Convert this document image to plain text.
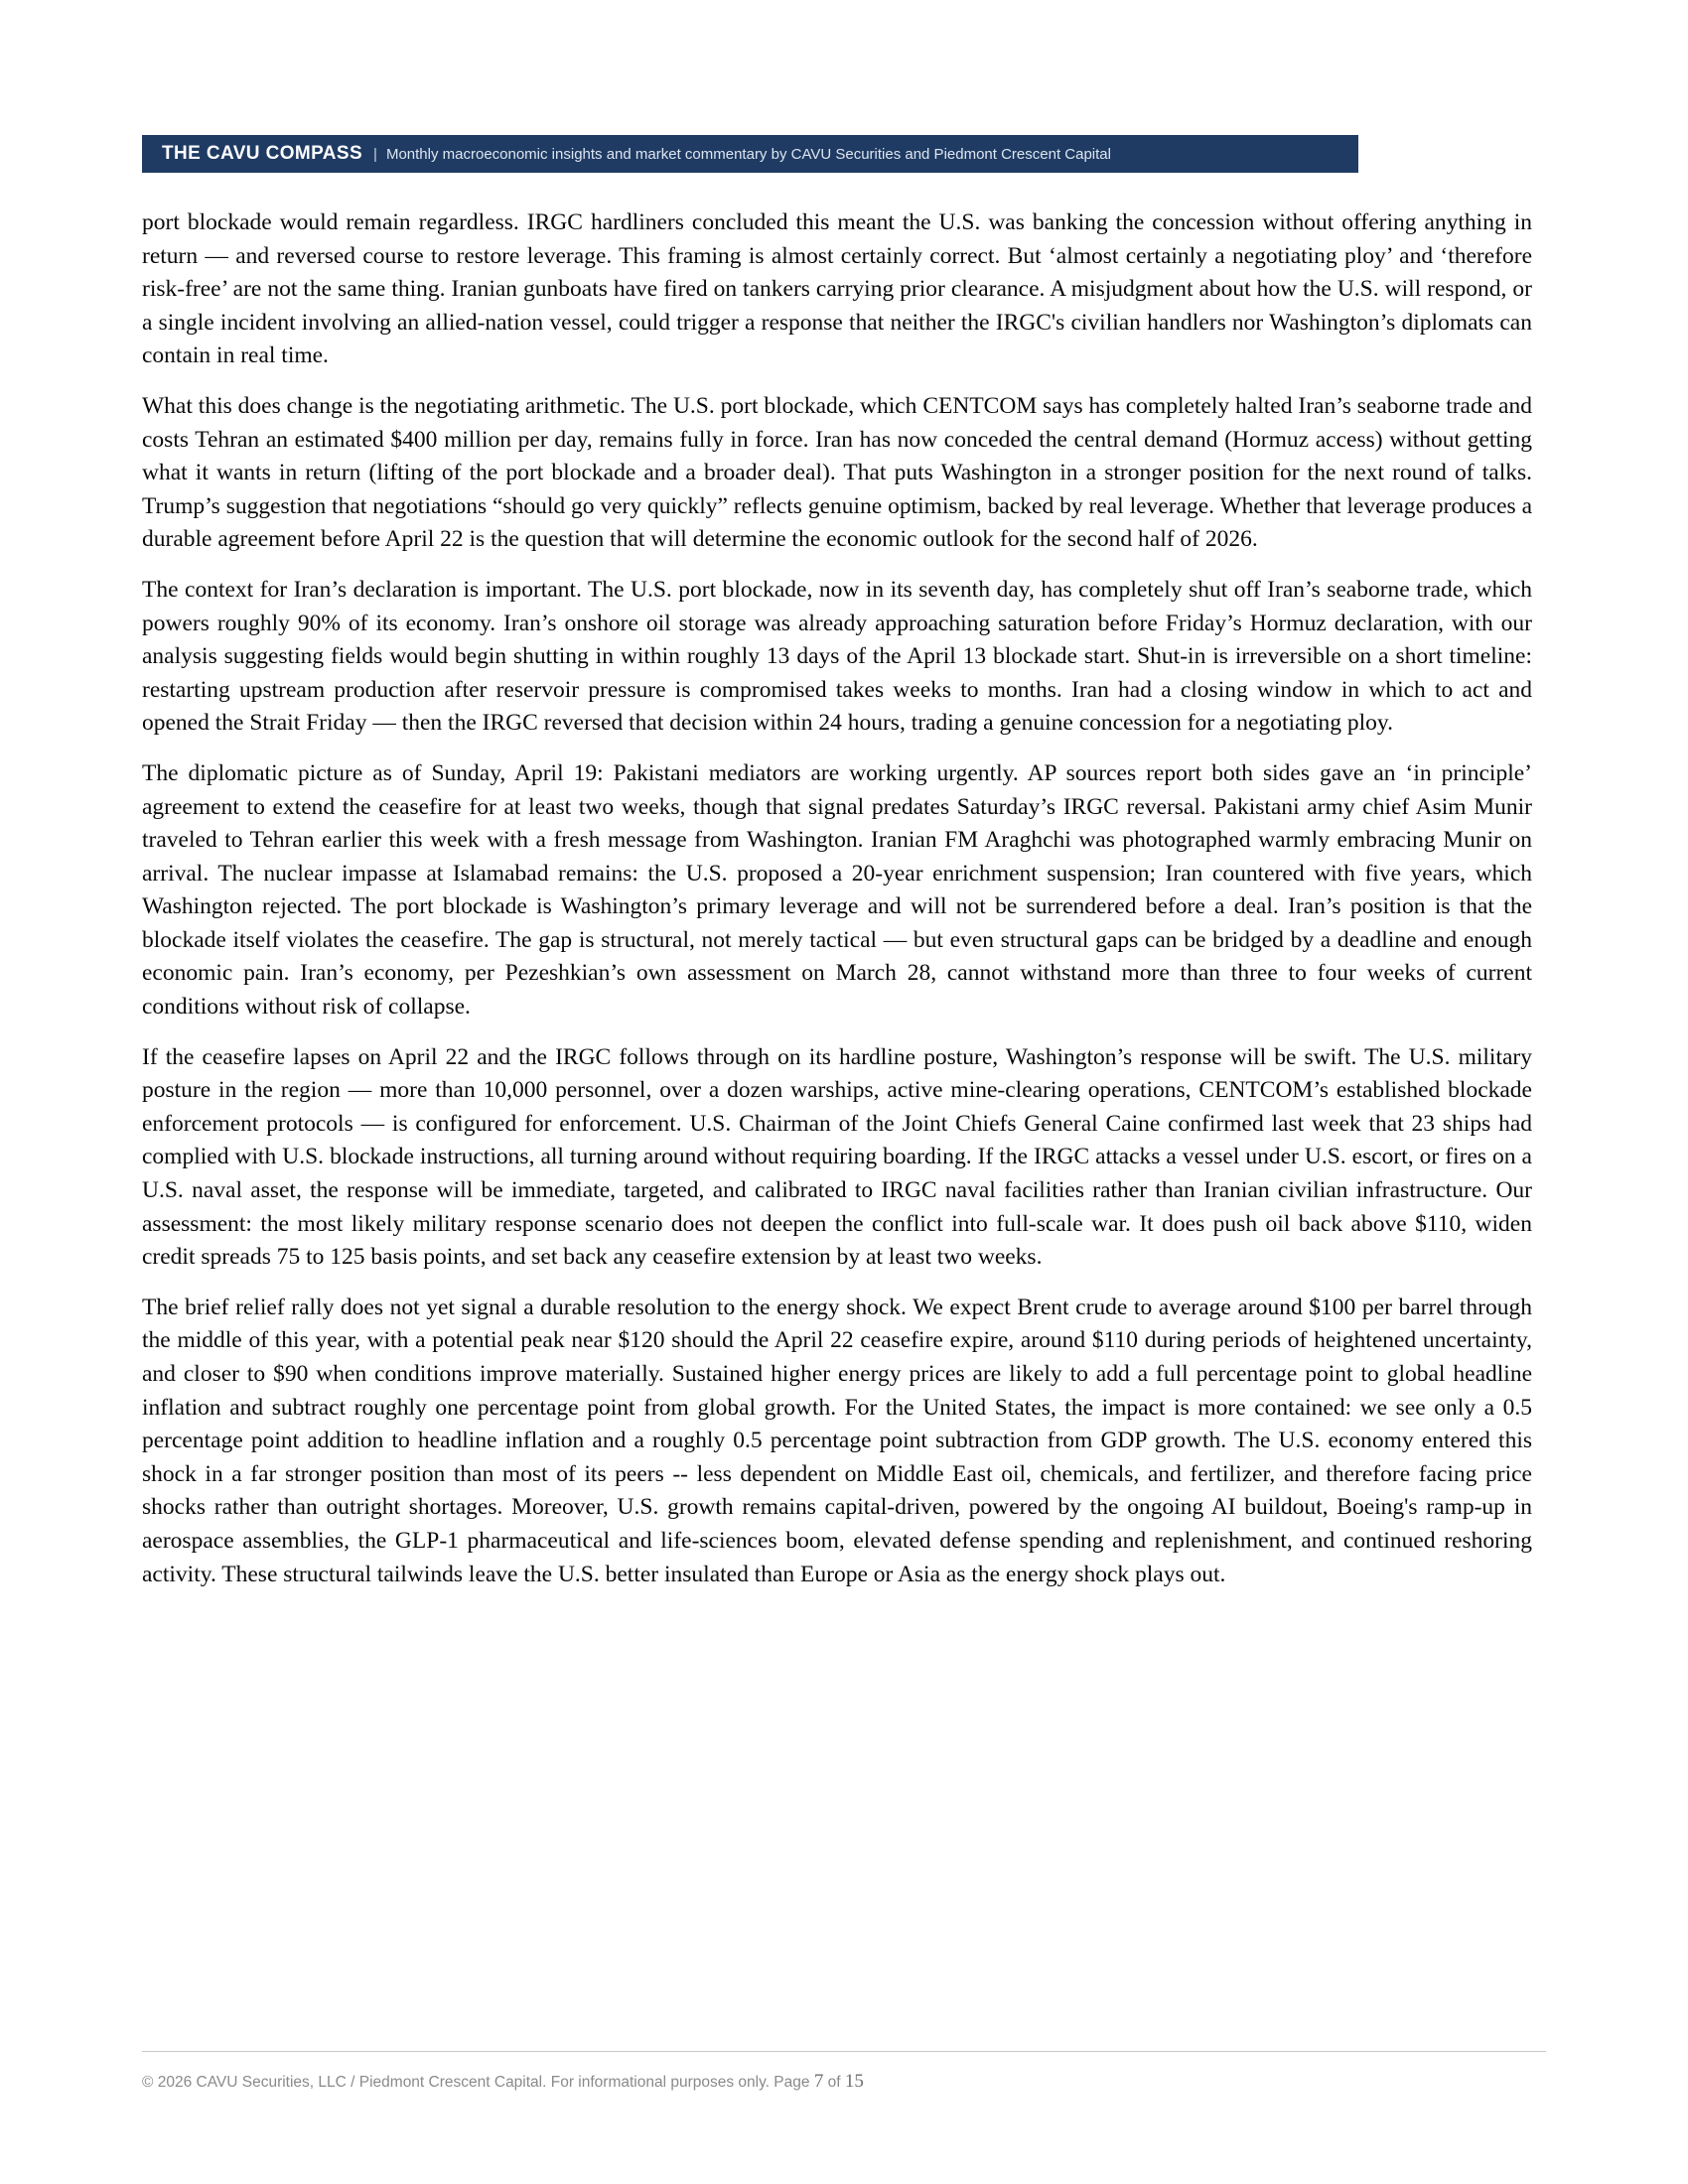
THE CAVU COMPASS | Monthly macroeconomic insights and market commentary by CAVU Securities and Piedmont Crescent Capital

port blockade would remain regardless. IRGC hardliners concluded this meant the U.S. was banking the concession without offering anything in return — and reversed course to restore leverage. This framing is almost certainly correct. But ‘almost certainly a negotiating ploy’ and ‘therefore risk-free’ are not the same thing. Iranian gunboats have fired on tankers carrying prior clearance. A misjudgment about how the U.S. will respond, or a single incident involving an allied-nation vessel, could trigger a response that neither the IRGC's civilian handlers nor Washington’s diplomats can contain in real time.

What this does change is the negotiating arithmetic. The U.S. port blockade, which CENTCOM says has completely halted Iran’s seaborne trade and costs Tehran an estimated $400 million per day, remains fully in force. Iran has now conceded the central demand (Hormuz access) without getting what it wants in return (lifting of the port blockade and a broader deal). That puts Washington in a stronger position for the next round of talks. Trump’s suggestion that negotiations “should go very quickly” reflects genuine optimism, backed by real leverage. Whether that leverage produces a durable agreement before April 22 is the question that will determine the economic outlook for the second half of 2026.

The context for Iran’s declaration is important. The U.S. port blockade, now in its seventh day, has completely shut off Iran’s seaborne trade, which powers roughly 90% of its economy. Iran’s onshore oil storage was already approaching saturation before Friday’s Hormuz declaration, with our analysis suggesting fields would begin shutting in within roughly 13 days of the April 13 blockade start. Shut-in is irreversible on a short timeline: restarting upstream production after reservoir pressure is compromised takes weeks to months. Iran had a closing window in which to act and opened the Strait Friday — then the IRGC reversed that decision within 24 hours, trading a genuine concession for a negotiating ploy.

The diplomatic picture as of Sunday, April 19: Pakistani mediators are working urgently. AP sources report both sides gave an ‘in principle’ agreement to extend the ceasefire for at least two weeks, though that signal predates Saturday’s IRGC reversal. Pakistani army chief Asim Munir traveled to Tehran earlier this week with a fresh message from Washington. Iranian FM Araghchi was photographed warmly embracing Munir on arrival. The nuclear impasse at Islamabad remains: the U.S. proposed a 20-year enrichment suspension; Iran countered with five years, which Washington rejected. The port blockade is Washington’s primary leverage and will not be surrendered before a deal. Iran’s position is that the blockade itself violates the ceasefire. The gap is structural, not merely tactical — but even structural gaps can be bridged by a deadline and enough economic pain. Iran’s economy, per Pezeshkian’s own assessment on March 28, cannot withstand more than three to four weeks of current conditions without risk of collapse.

If the ceasefire lapses on April 22 and the IRGC follows through on its hardline posture, Washington’s response will be swift. The U.S. military posture in the region — more than 10,000 personnel, over a dozen warships, active mine-clearing operations, CENTCOM’s established blockade enforcement protocols — is configured for enforcement. U.S. Chairman of the Joint Chiefs General Caine confirmed last week that 23 ships had complied with U.S. blockade instructions, all turning around without requiring boarding. If the IRGC attacks a vessel under U.S. escort, or fires on a U.S. naval asset, the response will be immediate, targeted, and calibrated to IRGC naval facilities rather than Iranian civilian infrastructure. Our assessment: the most likely military response scenario does not deepen the conflict into full-scale war. It does push oil back above $110, widen credit spreads 75 to 125 basis points, and set back any ceasefire extension by at least two weeks.

The brief relief rally does not yet signal a durable resolution to the energy shock. We expect Brent crude to average around $100 per barrel through the middle of this year, with a potential peak near $120 should the April 22 ceasefire expire, around $110 during periods of heightened uncertainty, and closer to $90 when conditions improve materially. Sustained higher energy prices are likely to add a full percentage point to global headline inflation and subtract roughly one percentage point from global growth. For the United States, the impact is more contained: we see only a 0.5 percentage point addition to headline inflation and a roughly 0.5 percentage point subtraction from GDP growth. The U.S. economy entered this shock in a far stronger position than most of its peers -- less dependent on Middle East oil, chemicals, and fertilizer, and therefore facing price shocks rather than outright shortages. Moreover, U.S. growth remains capital-driven, powered by the ongoing AI buildout, Boeing's ramp-up in aerospace assemblies, the GLP-1 pharmaceutical and life-sciences boom, elevated defense spending and replenishment, and continued reshoring activity. These structural tailwinds leave the U.S. better insulated than Europe or Asia as the energy shock plays out.

© 2026 CAVU Securities, LLC / Piedmont Crescent Capital. For informational purposes only. Page 7 of 15
